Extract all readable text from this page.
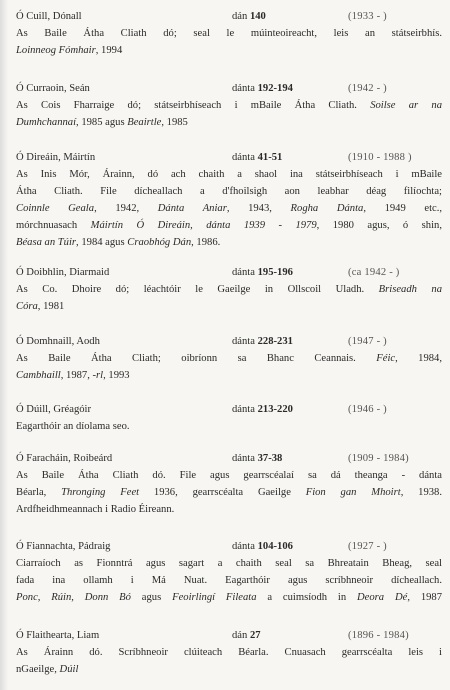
Ó Cuill, Dónall	dán 140	(1933 - )
As Baile Átha Cliath dó; seal le múinteoireacht, leis an státseirbhís.
Loinneog Fómhair, 1994
Ó Curraoin, Seán	dánta 192-194	(1942 - )
As Cois Fharraige dó; státseirbhíseach i mBaile Átha Cliath. Soilse ar na
Dumhchannaí, 1985 agus Beairtle, 1985
Ó Direáin, Máirtín	dánta 41-51	(1910 - 1988 )
As Inis Mór, Árainn, dó ach chaith a shaol ina státseirbhíseach i mBaile
Átha Cliath. File dícheallach a d'fhoilsigh aon leabhar déag filíochta;
Coinnle Geala, 1942, Dánta Aniar, 1943, Rogha Dánta, 1949 etc.,
mórchnuasach Máirtín Ó Direáin, dánta 1939 - 1979, 1980 agus, ó shin,
Béasa an Túir, 1984 agus Craobhóg Dán, 1986.
Ó Doibhlin, Diarmaid	dánta 195-196	(ca 1942 - )
As Co. Dhoire dó; léachtóir le Gaeilge in Ollscoil Uladh. Briseadh na
Córa, 1981
Ó Domhnaill, Aodh	dánta 228-231	(1947 - )
As Baile Átha Cliath; oibríonn sa Bhanc Ceannais. Féic, 1984,
Cambhaill, 1987, -rl, 1993
Ó Dúill, Gréagóir	dánta 213-220	(1946 - )
Eagarthóir an díolama seo.
Ó Faracháin, Roibeárd	dánta 37-38	(1909 - 1984)
As Baile Átha Cliath dó. File agus gearrscéalaí sa dá theanga - dánta
Béarla, Thronging Feet 1936, gearrscéalta Gaeilge Fion gan Mhoirt, 1938.
Ardfheidhmeannach i Radio Éireann.
Ó Fiannachta, Pádraig	dánta 104-106	(1927 - )
Ciarraíoch as Fionntrá agus sagart a chaith seal sa Bhreatain Bheag, seal
fada ina ollamh i Má Nuat. Eagarthóir agus scríbhneoir dícheallach.
Ponc, Rúin, Donn Bó agus Feoirlingí Fileata a cuimsíodh in Deora Dé, 1987
Ó Flaithearta, Liam	dán 27	(1896 - 1984)
As Árainn dó. Scríbhneoir clúiteach Béarla. Cnuasach gearrscéalta leis i
nGaeilge, Dúil
